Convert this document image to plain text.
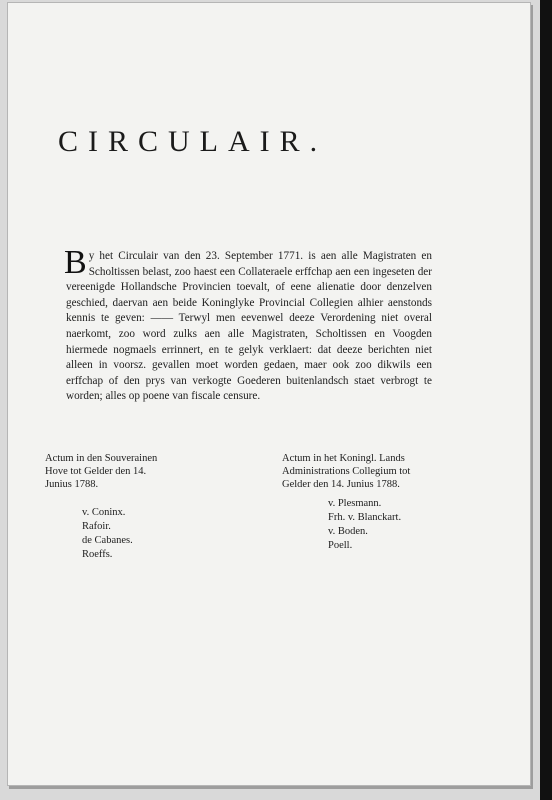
CIRCULAIR.
B y het Circulair van den 23. September 1771. is aen alle Magistraten en Scholtissen belast, zoo haest een Collateraele erffchap aen een ingeseten der vereenigde Hollandsche Provincien toevalt, of eene alienatie door denzelven geschied, daervan aen beide Koninglyke Provincial Collegien alhier aenstonds kennis te geven: —— Terwyl men eevenwel deeze Verordening niet overal naerkomt, zoo word zulks aen alle Magistraten, Scholtissen en Voogden hiermede nogmaels errinnert, en te gelyk verklaert: dat deeze berichten niet alleen in voorsz. gevallen moet worden gedaen, maer ook zoo dikwils een erffchap of den prys van verkogte Goederen buitenlandsch staet verbrogt te worden; alles op poene van fiscale censure.

Actum in den Souverainen
Hove tot Gelder den 14.
Junius 1788.
Actum in het Koningl. Lands
Administrations Collegium tot
Gelder den 14. Junius 1788.
v. Coninx.
Rafoir.
de Cabanes.
Roeffs.
v. Plesmann.
Frh. v. Blanckart.
v. Boden.
Poell.
